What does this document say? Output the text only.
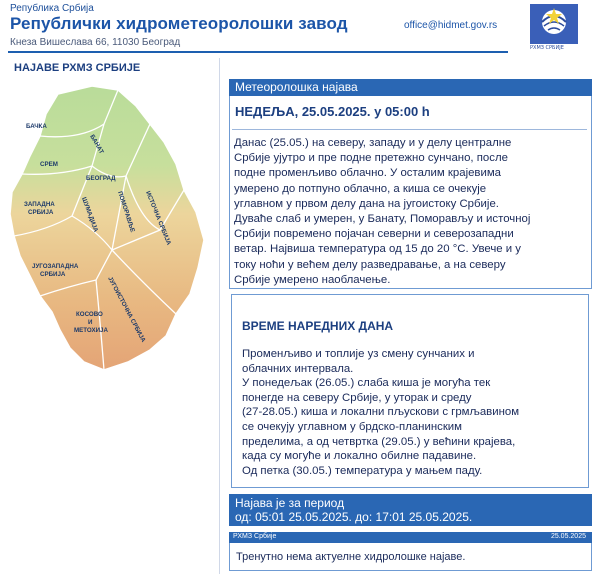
Република Србија
Републички хидрометеоролошки завод
Кнеза Вишеслава 66, 11030 Београд
office@hidmet.gov.rs
РХМЗ СРБИЈЕ
НАЈАВЕ РХМЗ СРБИЈЕ
БАЧКА
БАНАТ
СРЕМ
БЕОГРАД
ЗАПАДНА
СРБИЈА	ШУМАДИЈА	ПОМОРАВЉЕ ИСТОЧНА СРБИЈА
ЈУГОЗАПАДНА
СРБИЈА
ЈУГОИСТОЧНА СРБИЈА
КОСОВО
И
МЕТОХИЈА
Метеоролошка најава
НЕДЕЉА, 25.05.2025. у 05:00 h
Данас (25.05.) на северу, западу и у делу централне
Србије ујутро и пре подне претежно сунчано, после
подне променљиво облачно. У осталим крајевима
умерено до потпуно облачно, а киша се очекује
углавном у првом делу дана на југоистоку Србије.
Дуваће слаб и умерен, у Банату, Поморављу и источној
Србији повремено појачан северни и северозападни
ветар. Највиша температура од 15 до 20 °C. Увече и у
току ноћи у већем делу разведравање, а на северу
Србије умерено наоблачење.
ВРЕМЕ НАРЕДНИХ ДАНА
Променљиво и топлије уз смену сунчаних и
облачних интервала.
У понедељак (26.05.) слаба киша је могућа тек
понегде на северу Србије, у уторак и среду
(27-28.05.) киша и локални пљускови с грмљавином
се очекују углавном у брдско-планинским
пределима, а од четвртка (29.05.) у већини крајева,
када су могуће и локално обилне падавине.
Од петка (30.05.) температура у мањем паду.
Најава је за период
од: 05:01 25.05.2025. до: 17:01 25.05.2025.
РХМЗ Србије	25.05.2025
Тренутно нема актуелне хидролошке најаве.
